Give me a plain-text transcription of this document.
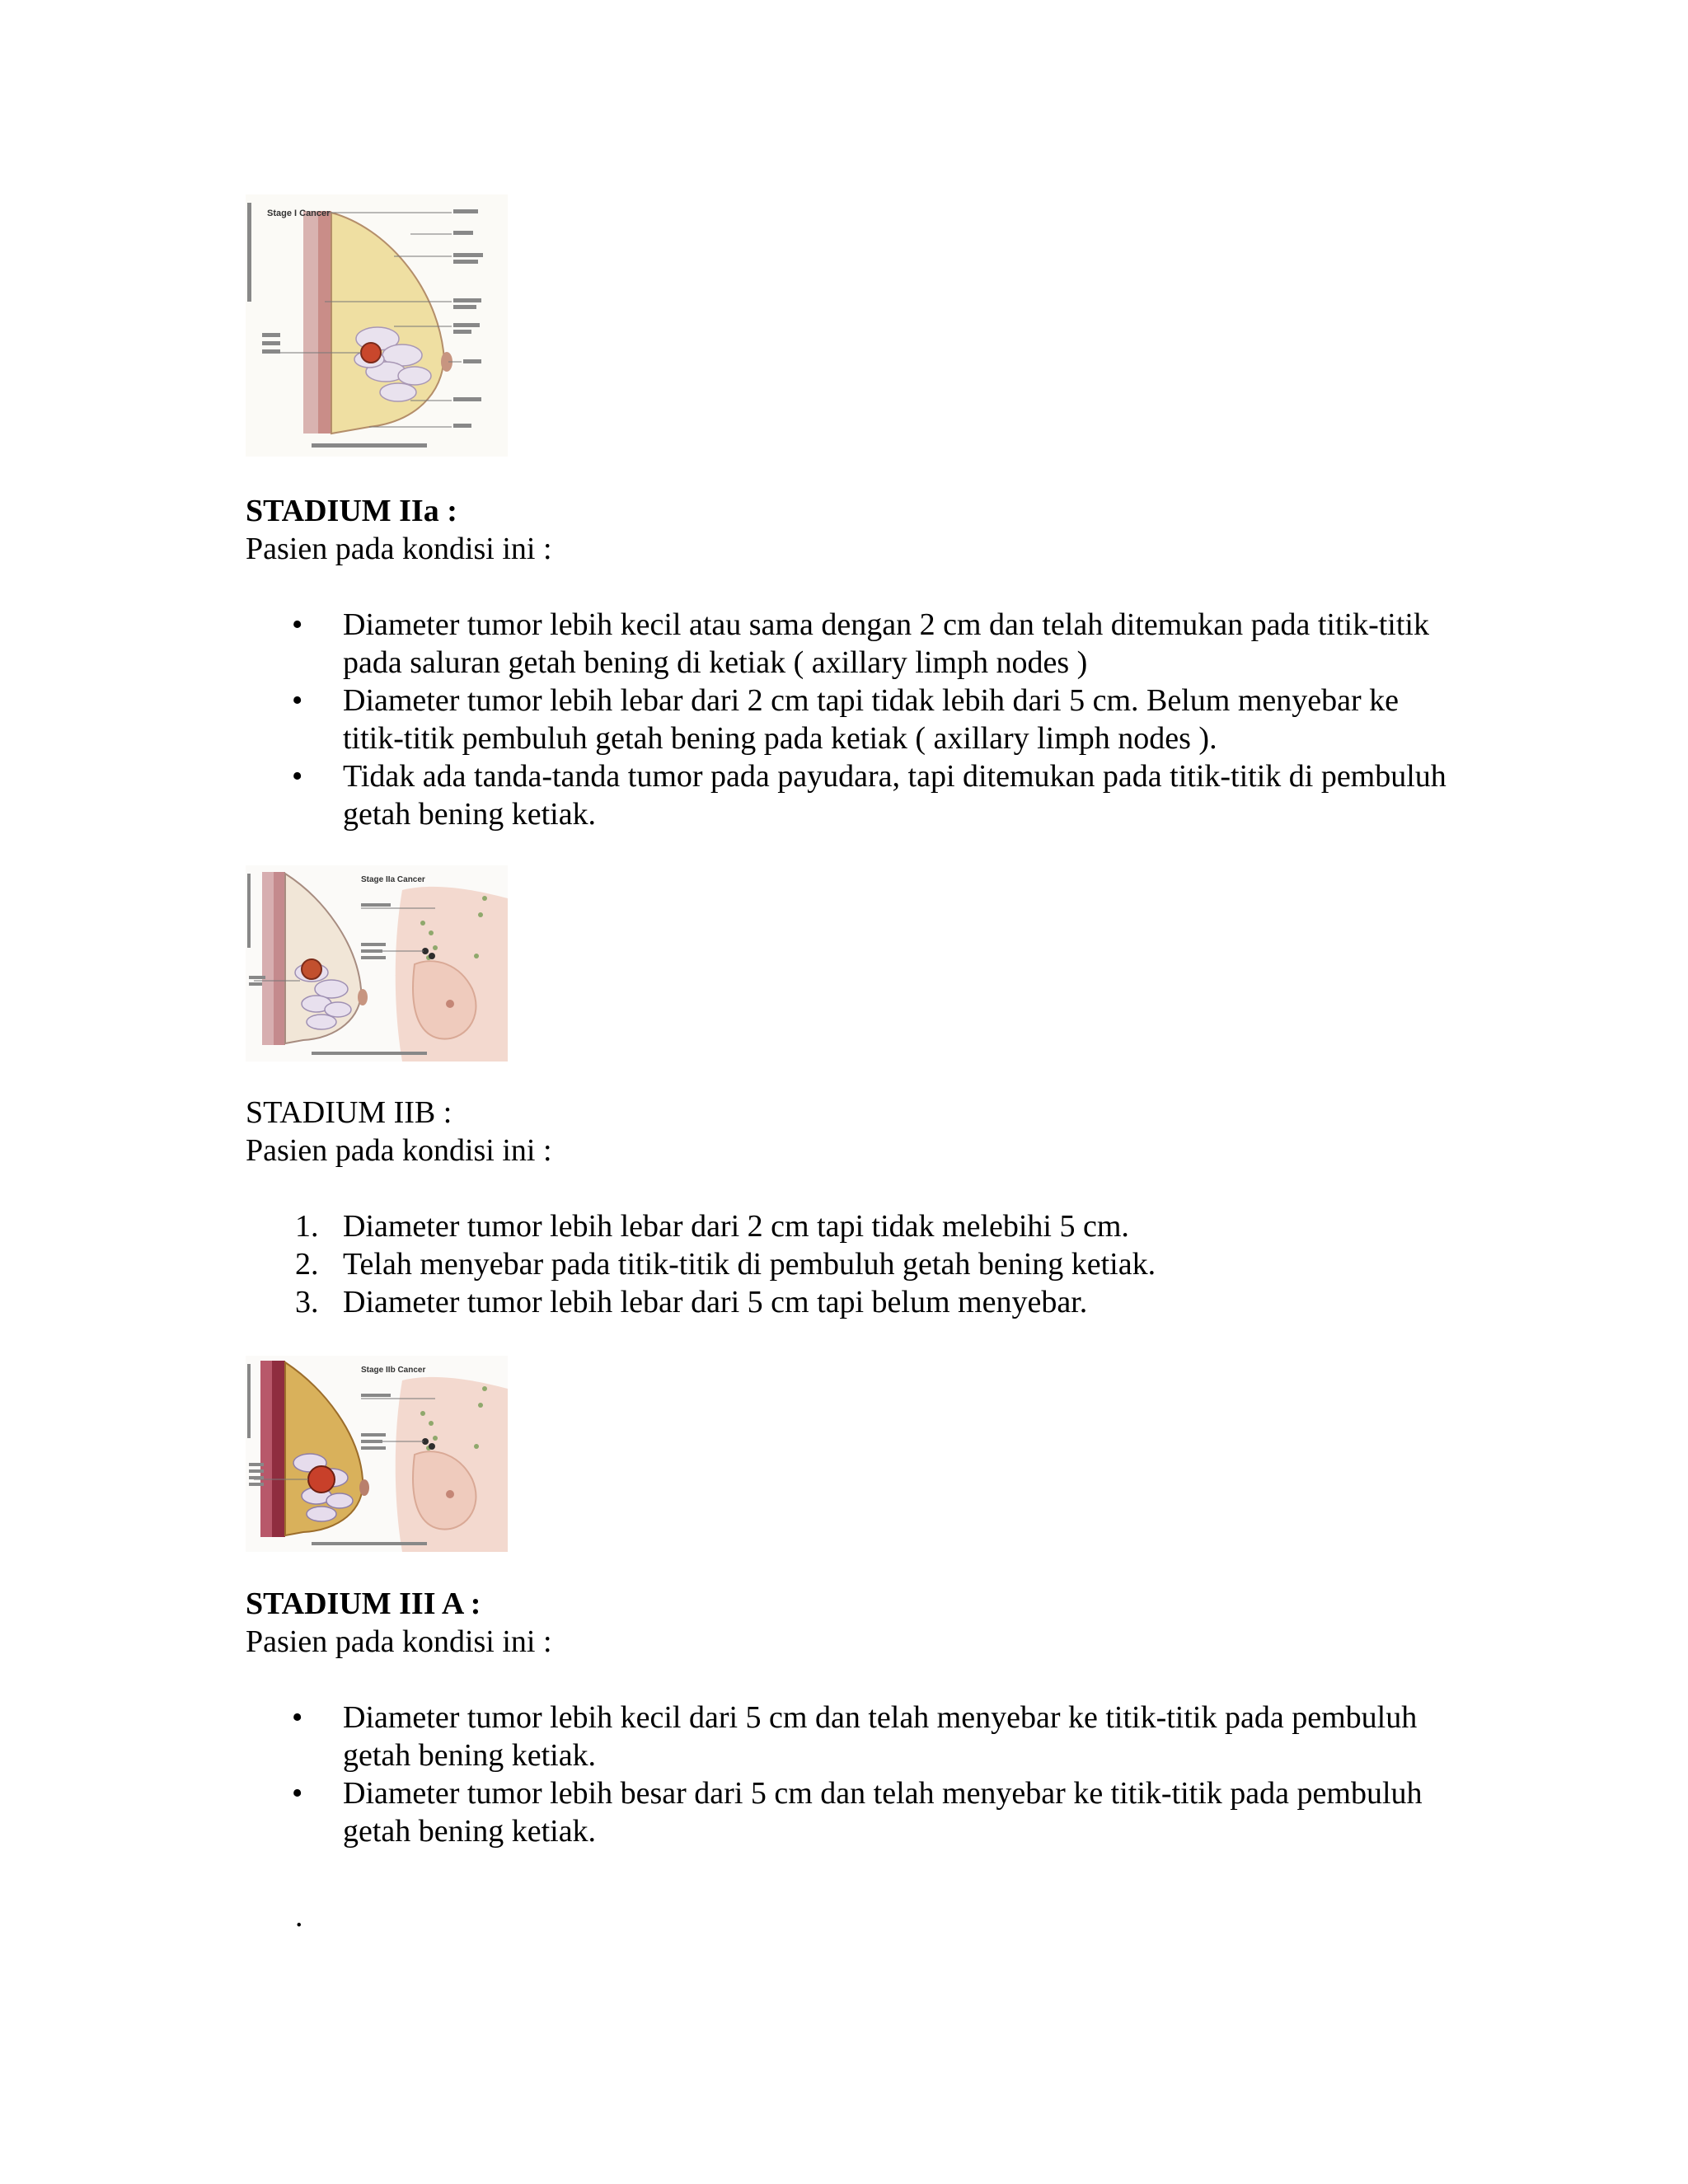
Stage I Cancer
STADIUM IIa :
Pasien pada kondisi ini :
•	Diameter tumor lebih kecil atau sama dengan 2 cm dan telah ditemukan pada titik-titik pada saluran getah bening di ketiak ( axillary limph nodes )
•	Diameter tumor lebih lebar dari 2 cm tapi tidak lebih dari 5 cm. Belum menyebar ke titik-titik pembuluh getah bening pada ketiak ( axillary limph nodes ).
•	Tidak ada tanda-tanda tumor pada payudara, tapi ditemukan pada titik-titik di pembuluh getah bening ketiak.
Stage IIa Cancer
STADIUM IIB :
Pasien pada kondisi ini :
1. Diameter tumor lebih lebar dari 2 cm tapi tidak melebihi 5 cm.
2. Telah menyebar pada titik-titik di pembuluh getah bening ketiak.
3. Diameter tumor lebih lebar dari 5 cm tapi belum menyebar.
Stage IIb Cancer
STADIUM III A :
Pasien pada kondisi ini :
•	Diameter tumor lebih kecil dari 5 cm dan telah menyebar ke titik-titik pada pembuluh getah bening ketiak.
•	Diameter tumor lebih besar dari 5 cm dan telah menyebar ke titik-titik pada pembuluh getah bening ketiak.
.
